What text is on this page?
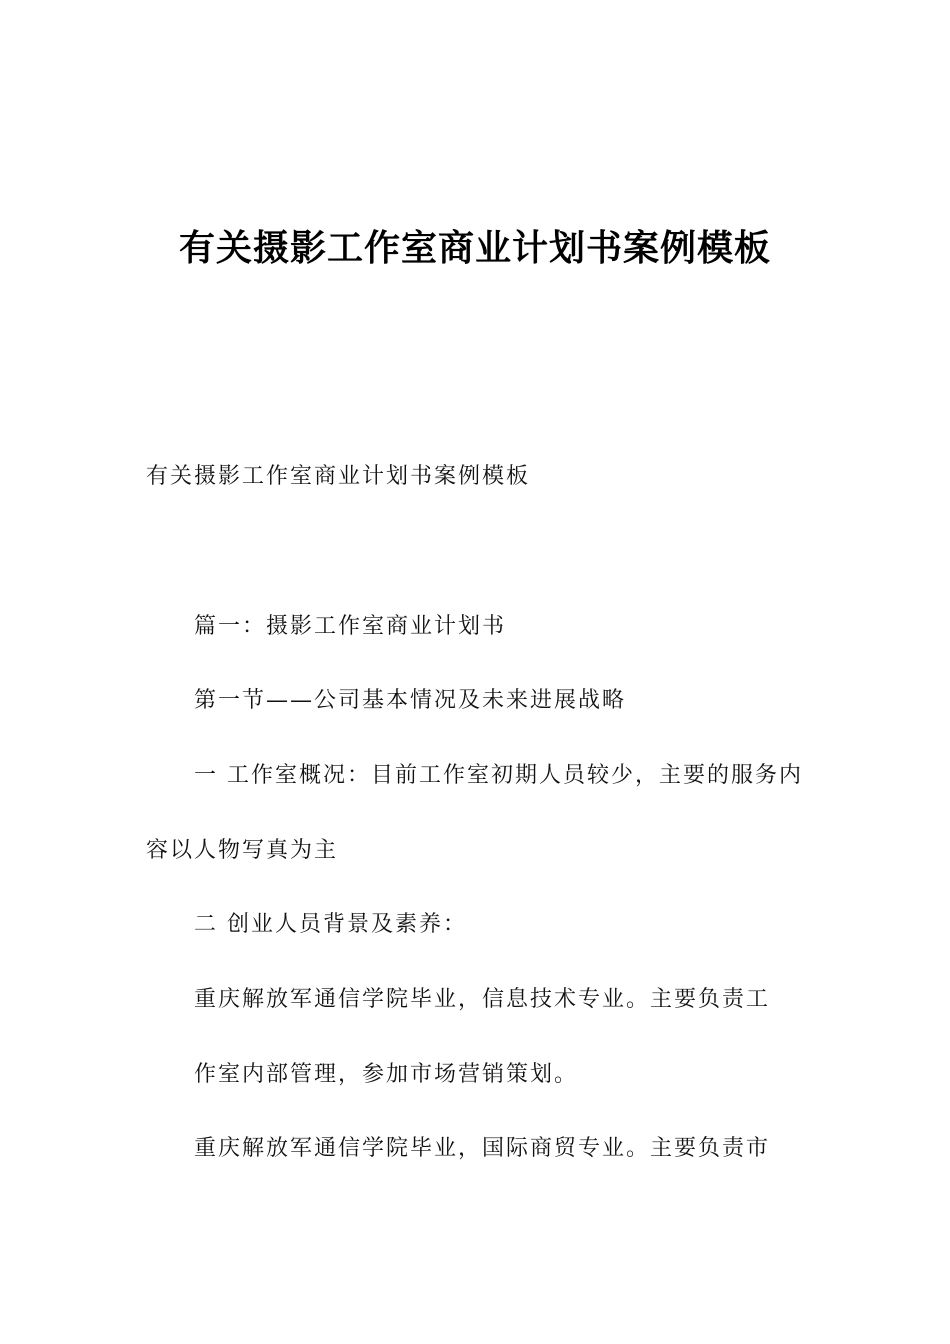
有关摄影工作室商业计划书案例模板

有关摄影工作室商业计划书案例模板

篇一：摄影工作室商业计划书

第一节——公司基本情况及未来进展战略

一 工作室概况：目前工作室初期人员较少，主要的服务内

容以人物写真为主

二 创业人员背景及素养：

重庆解放军通信学院毕业，信息技术专业。主要负责工

作室内部管理，参加市场营销策划。

重庆解放军通信学院毕业，国际商贸专业。主要负责市
